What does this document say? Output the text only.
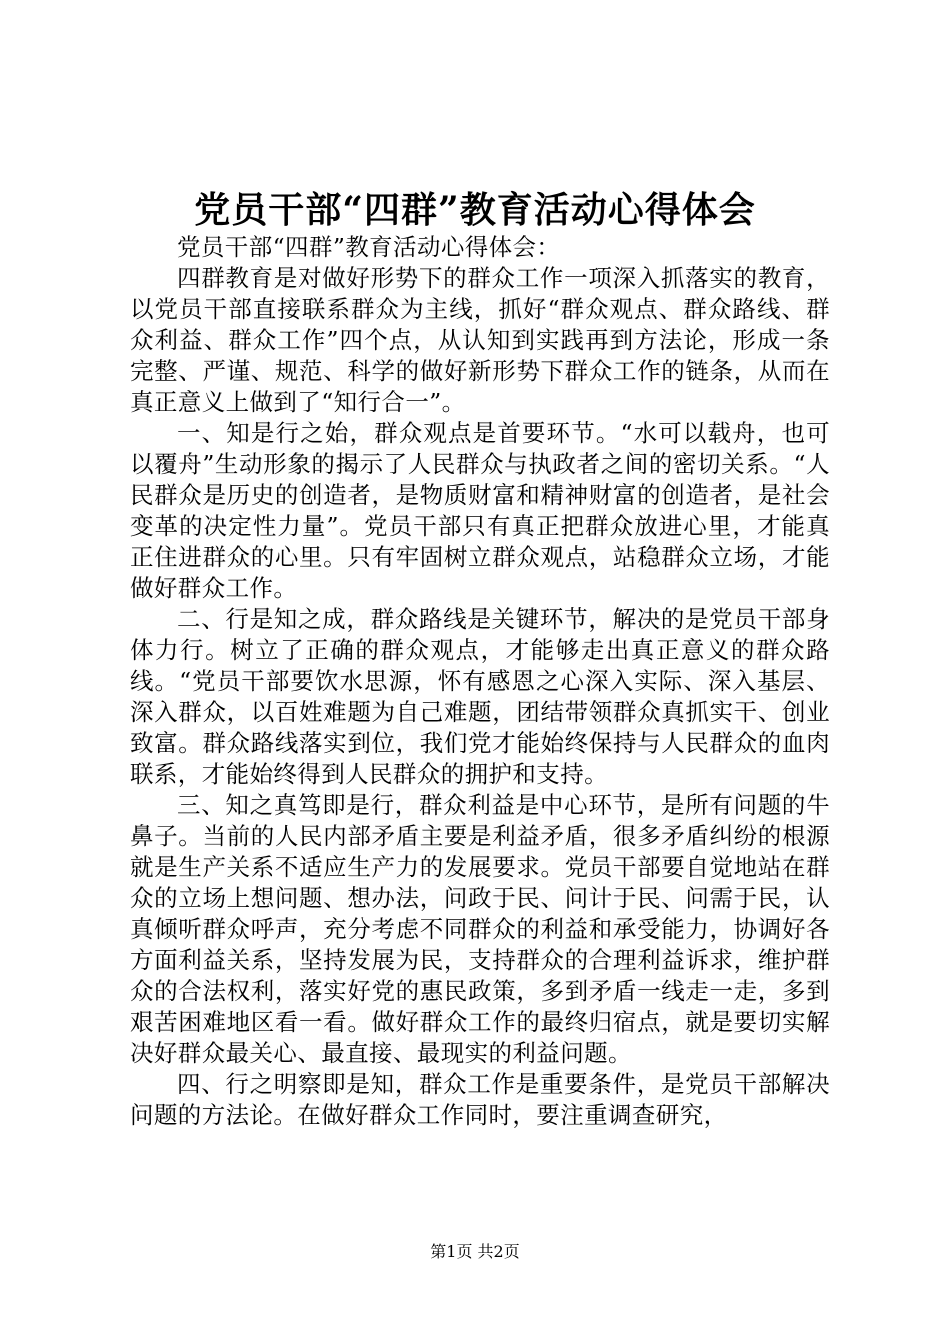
党员干部“四群”教育活动心得体会

党员干部“四群”教育活动心得体会：

四群教育是对做好形势下的群众工作一项深入抓落实的教育，以党员干部直接联系群众为主线，抓好“群众观点、群众路线、群众利益、群众工作”四个点，从认知到实践再到方法论，形成一条完整、严谨、规范、科学的做好新形势下群众工作的链条，从而在真正意义上做到了“知行合一”。

一、知是行之始，群众观点是首要环节。“水可以载舟，也可以覆舟”生动形象的揭示了人民群众与执政者之间的密切关系。“人民群众是历史的创造者，是物质财富和精神财富的创造者，是社会变革的决定性力量”。党员干部只有真正把群众放进心里，才能真正住进群众的心里。只有牢固树立群众观点，站稳群众立场，才能做好群众工作。

二、行是知之成，群众路线是关键环节，解决的是党员干部身体力行。树立了正确的群众观点，才能够走出真正意义的群众路线。“党员干部要饮水思源，怀有感恩之心深入实际、深入基层、深入群众，以百姓难题为自己难题，团结带领群众真抓实干、创业致富。群众路线落实到位，我们党才能始终保持与人民群众的血肉联系，才能始终得到人民群众的拥护和支持。

三、知之真笃即是行，群众利益是中心环节，是所有问题的牛鼻子。当前的人民内部矛盾主要是利益矛盾，很多矛盾纠纷的根源就是生产关系不适应生产力的发展要求。党员干部要自觉地站在群众的立场上想问题、想办法，问政于民、问计于民、问需于民，认真倾听群众呼声，充分考虑不同群众的利益和承受能力，协调好各方面利益关系，坚持发展为民，支持群众的合理利益诉求，维护群众的合法权利，落实好党的惠民政策，多到矛盾一线走一走，多到艰苦困难地区看一看。做好群众工作的最终归宿点，就是要切实解决好群众最关心、最直接、最现实的利益问题。

四、行之明察即是知，群众工作是重要条件，是党员干部解决问题的方法论。在做好群众工作同时，要注重调查研究，

第1页 共2页
